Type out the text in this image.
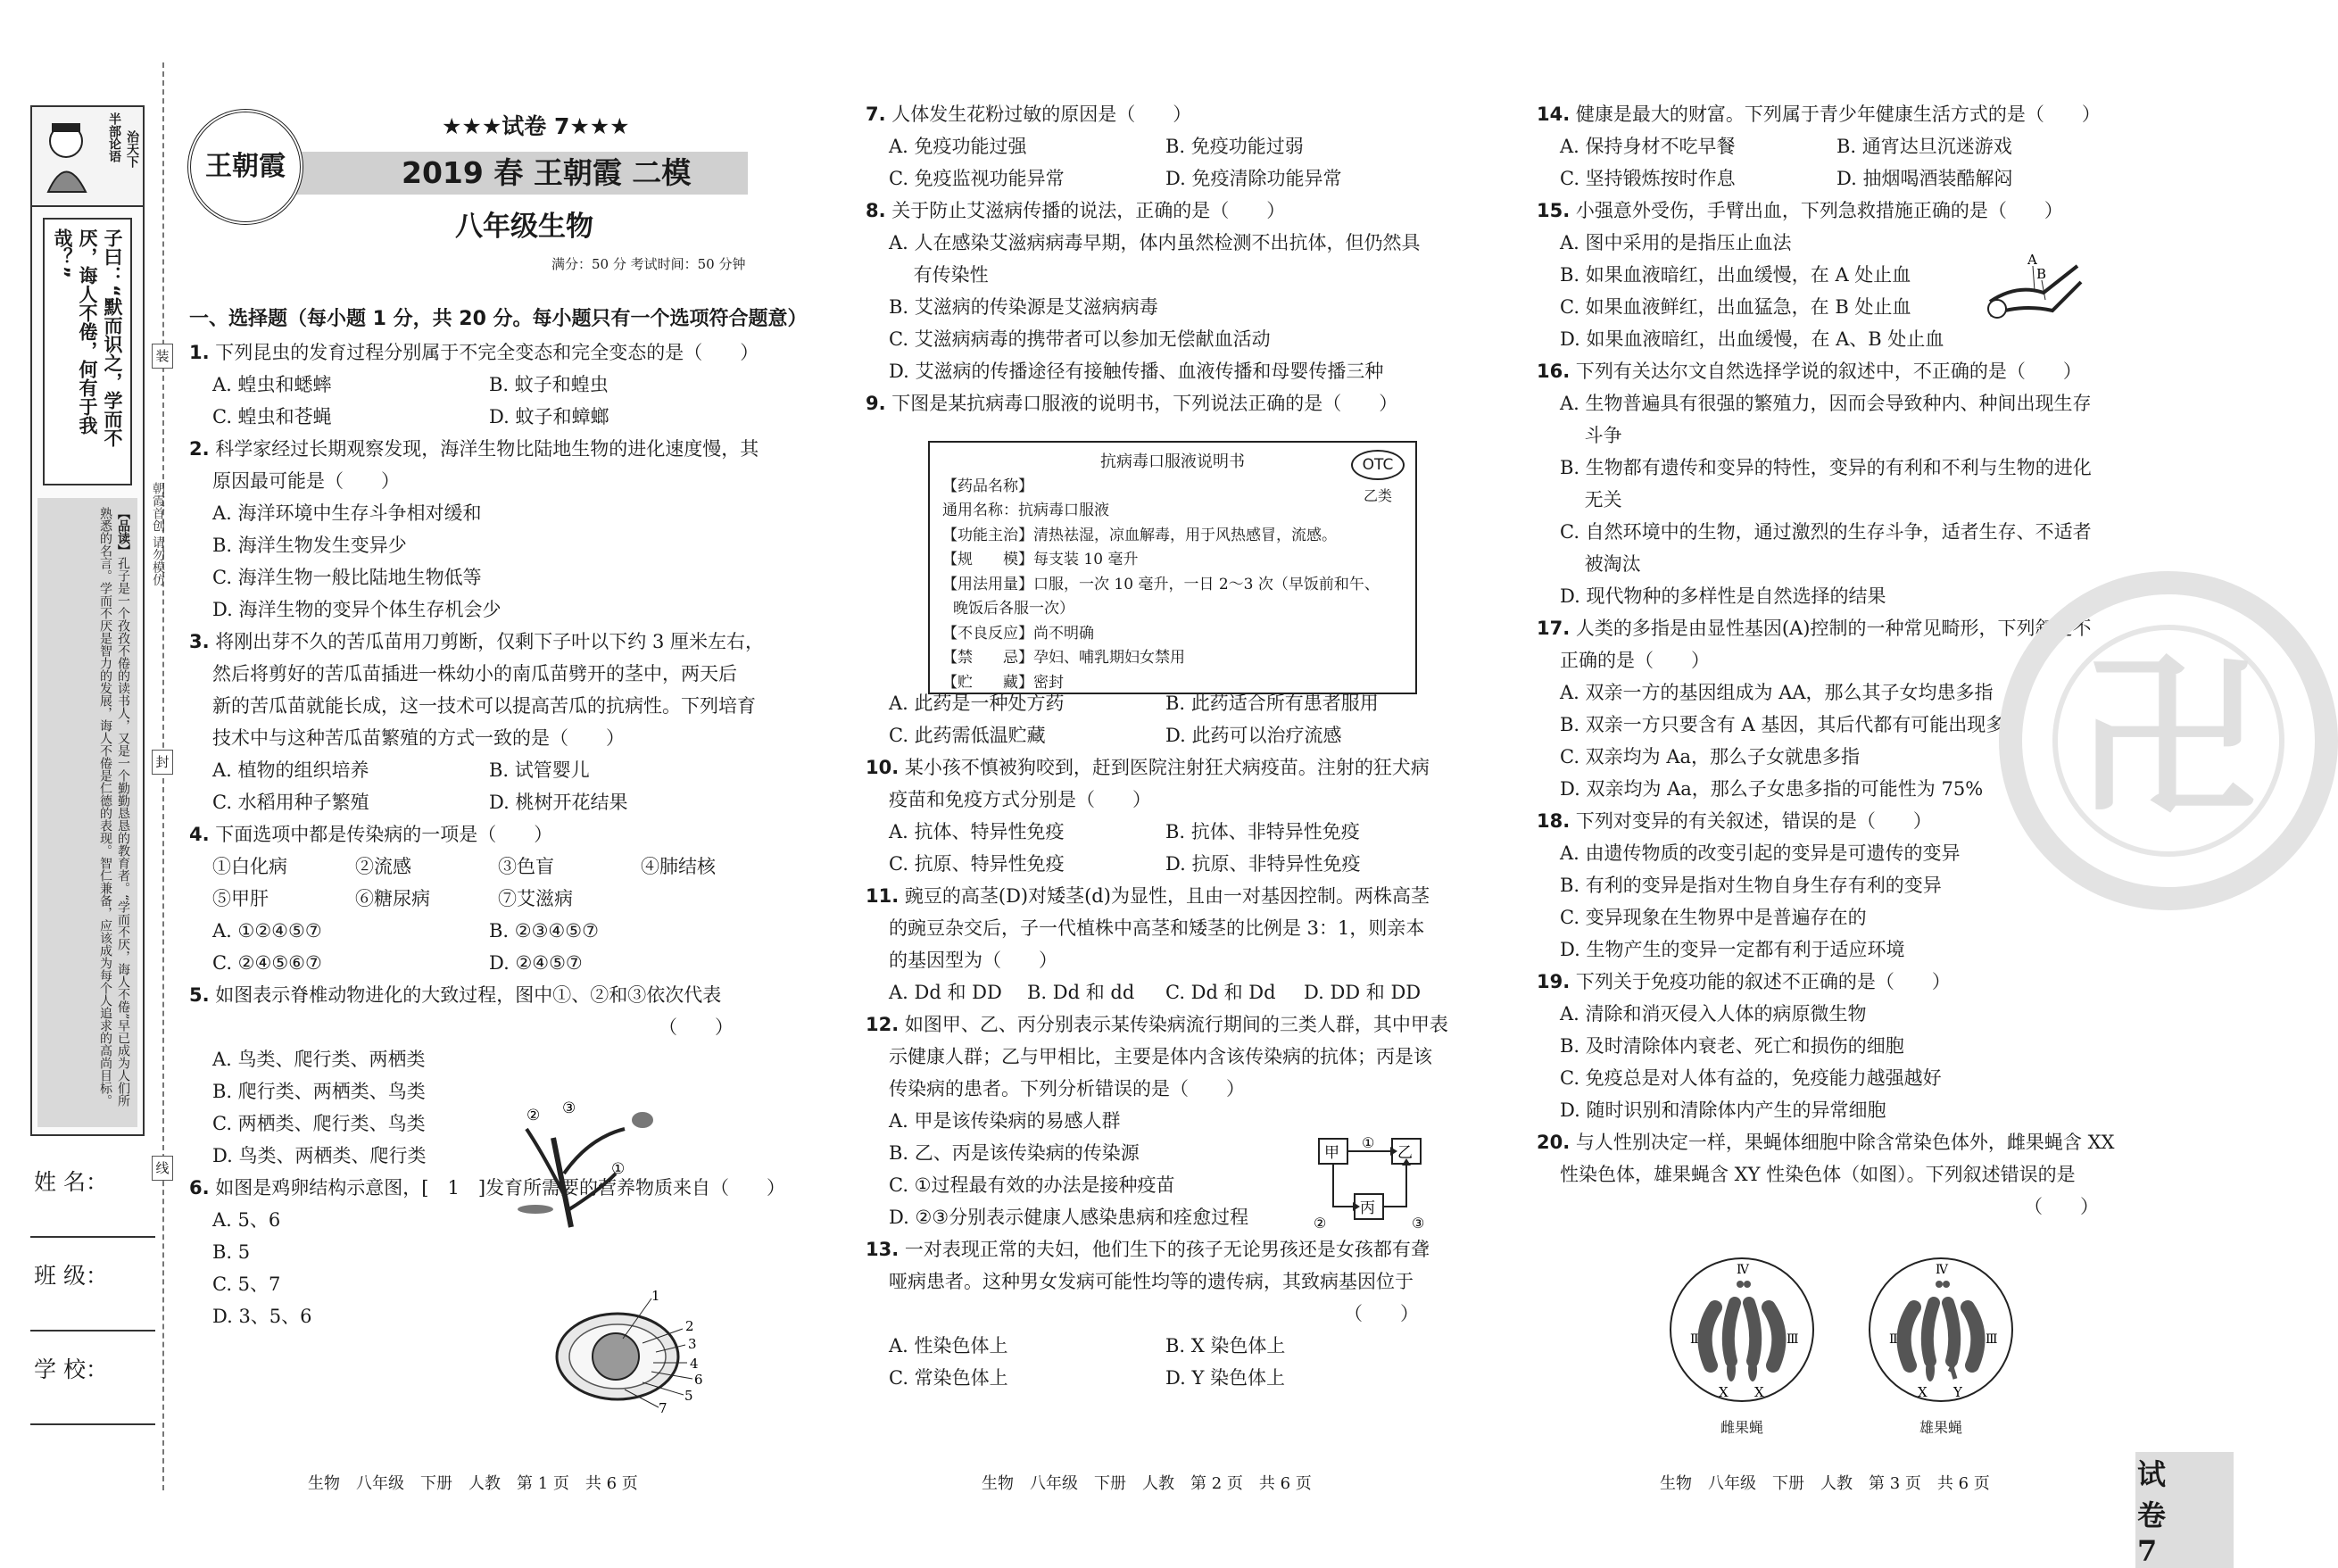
半部论语 治天下
子曰：“默而识之，学而不厌，诲人不倦，何有于我哉？”
【品读】孔子是一个孜孜不倦的读书人，又是一个勤勤恳恳的教育者。“学而不厌，诲人不倦”早已成为人们所熟悉的名言。学而不厌是智力的发展，诲人不倦是仁德的表现。智仁兼备，应该成为每个人追求的高尚目标。
姓 名：
班 级：
学 校：
装
封
线
朝霞首创 请勿模仿
王朝霞
★★★试卷 7★★★
2019 春 王朝霞 二模
八年级生物
满分：50 分 考试时间：50 分钟
一、选择题（每小题 1 分，共 20 分。每小题只有一个选项符合题意）
1. 下列昆虫的发育过程分别属于不完全变态和完全变态的是（　　）
A. 蝗虫和蟋蟀	B. 蚊子和蝗虫
C. 蝗虫和苍蝇	D. 蚊子和蟑螂
2. 科学家经过长期观察发现，海洋生物比陆地生物的进化速度慢，其
原因最可能是（　　）
A. 海洋环境中生存斗争相对缓和
B. 海洋生物发生变异少
C. 海洋生物一般比陆地生物低等
D. 海洋生物的变异个体生存机会少
3. 将刚出芽不久的苦瓜苗用刀剪断，仅剩下子叶以下约 3 厘米左右，
然后将剪好的苦瓜苗插进一株幼小的南瓜苗劈开的茎中，两天后
新的苦瓜苗就能长成，这一技术可以提高苦瓜的抗病性。下列培育
技术中与这种苦瓜苗繁殖的方式一致的是（　　）
A. 植物的组织培养	B. 试管婴儿
C. 水稻用种子繁殖	D. 桃树开花结果
4. 下面选项中都是传染病的一项是（　　）
①白化病	②流感	③色盲	④肺结核
⑤甲肝	⑥糖尿病	⑦艾滋病
A. ①②④⑤⑦	B. ②③④⑤⑦
C. ②④⑤⑥⑦	D. ②④⑤⑦
5. 如图表示脊椎动物进化的大致过程，图中①、②和③依次代表
（　　）
A. 鸟类、爬行类、两栖类
B. 爬行类、两栖类、鸟类
C. 两栖类、爬行类、鸟类
D. 鸟类、两栖类、爬行类
6. 如图是鸡卵结构示意图，[　1　]发育所需要的营养物质来自（　　）
A. 5、6
B. 5
C. 5、7
D. 3、5、6
7. 人体发生花粉过敏的原因是（　　）
A. 免疫功能过强	B. 免疫功能过弱
C. 免疫监视功能异常	D. 免疫清除功能异常
8. 关于防止艾滋病传播的说法，正确的是（　　）
A. 人在感染艾滋病病毒早期，体内虽然检测不出抗体，但仍然具
　 有传染性
B. 艾滋病的传染源是艾滋病病毒
C. 艾滋病病毒的携带者可以参加无偿献血活动
D. 艾滋病的传播途径有接触传播、血液传播和母婴传播三种
9. 下图是某抗病毒口服液的说明书，下列说法正确的是（　　）
A. 此药是一种处方药	B. 此药适合所有患者服用
C. 此药需低温贮藏	D. 此药可以治疗流感
10. 某小孩不慎被狗咬到，赶到医院注射狂犬病疫苗。注射的狂犬病
疫苗和免疫方式分别是（　　）
A. 抗体、特异性免疫	B. 抗体、非特异性免疫
C. 抗原、特异性免疫	D. 抗原、非特异性免疫
11. 豌豆的高茎(D)对矮茎(d)为显性，且由一对基因控制。两株高茎
的豌豆杂交后，子一代植株中高茎和矮茎的比例是 3：1，则亲本
的基因型为（　　）
A. Dd 和 DD	B. Dd 和 dd	C. Dd 和 Dd	D. DD 和 DD
12. 如图甲、乙、丙分别表示某传染病流行期间的三类人群，其中甲表
示健康人群；乙与甲相比，主要是体内含该传染病的抗体；丙是该
传染病的患者。下列分析错误的是（　　）
A. 甲是该传染病的易感人群
B. 乙、丙是该传染病的传染源
C. ①过程最有效的办法是接种疫苗
D. ②③分别表示健康人感染患病和痊愈过程
13. 一对表现正常的夫妇，他们生下的孩子无论男孩还是女孩都有聋
哑病患者。这种男女发病可能性均等的遗传病，其致病基因位于
（　　）
A. 性染色体上	B. X 染色体上
C. 常染色体上	D. Y 染色体上
14. 健康是最大的财富。下列属于青少年健康生活方式的是（　　）
A. 保持身材不吃早餐	B. 通宵达旦沉迷游戏
C. 坚持锻炼按时作息	D. 抽烟喝酒装酷解闷
15. 小强意外受伤，手臂出血，下列急救措施正确的是（　　）
A. 图中采用的是指压止血法
B. 如果血液暗红，出血缓慢，在 A 处止血
C. 如果血液鲜红，出血猛急，在 B 处止血
D. 如果血液暗红，出血缓慢，在 A、B 处止血
16. 下列有关达尔文自然选择学说的叙述中，不正确的是（　　）
A. 生物普遍具有很强的繁殖力，因而会导致种内、种间出现生存
　 斗争
B. 生物都有遗传和变异的特性，变异的有利和不利与生物的进化
　 无关
C. 自然环境中的生物，通过激烈的生存斗争，适者生存、不适者
　 被淘汰
D. 现代物种的多样性是自然选择的结果
17. 人类的多指是由显性基因(A)控制的一种常见畸形，下列叙述不
正确的是（　　）
A. 双亲一方的基因组成为 AA，那么其子女均患多指
B. 双亲一方只要含有 A 基因，其后代都有可能出现多指
C. 双亲均为 Aa，那么子女就患多指
D. 双亲均为 Aa，那么子女患多指的可能性为 75%
18. 下列对变异的有关叙述，错误的是（　　）
A. 由遗传物质的改变引起的变异是可遗传的变异
B. 有利的变异是指对生物自身生存有利的变异
C. 变异现象在生物界中是普遍存在的
D. 生物产生的变异一定都有利于适应环境
19. 下列关于免疫功能的叙述不正确的是（　　）
A. 清除和消灭侵入人体的病原微生物
B. 及时清除体内衰老、死亡和损伤的细胞
C. 免疫总是对人体有益的，免疫能力越强越好
D. 随时识别和清除体内产生的异常细胞
20. 与人性别决定一样，果蝇体细胞中除含常染色体外，雌果蝇含 XX
性染色体，雄果蝇含 XY 性染色体（如图）。下列叙述错误的是
（　　）
抗病毒口服液说明书	OTC
乙类
【药品名称】
通用名称：抗病毒口服液
【功能主治】清热祛湿，凉血解毒，用于风热感冒，流感。
【规　　模】每支装 10 毫升
【用法用量】口服，一次 10 毫升，一日 2～3 次（早饭前和午、
晚饭后各服一次）
【不良反应】尚不明确
【禁　　忌】孕妇、哺乳期妇女禁用
【贮　　藏】密封
② ③
①
1
2
3
4
6
5
7
甲	乙
丙
①
②	③
A
B
Ⅱ	Ⅲ
Ⅳ
X X
雌果蝇
Ⅱ	Ⅲ
Ⅳ
X Y
雄果蝇
卍
生物　八年级　下册　人教　第 1 页　共 6 页	生物　八年级　下册　人教　第 2 页　共 6 页	生物　八年级　下册　人教　第 3 页　共 6 页	试卷 7
